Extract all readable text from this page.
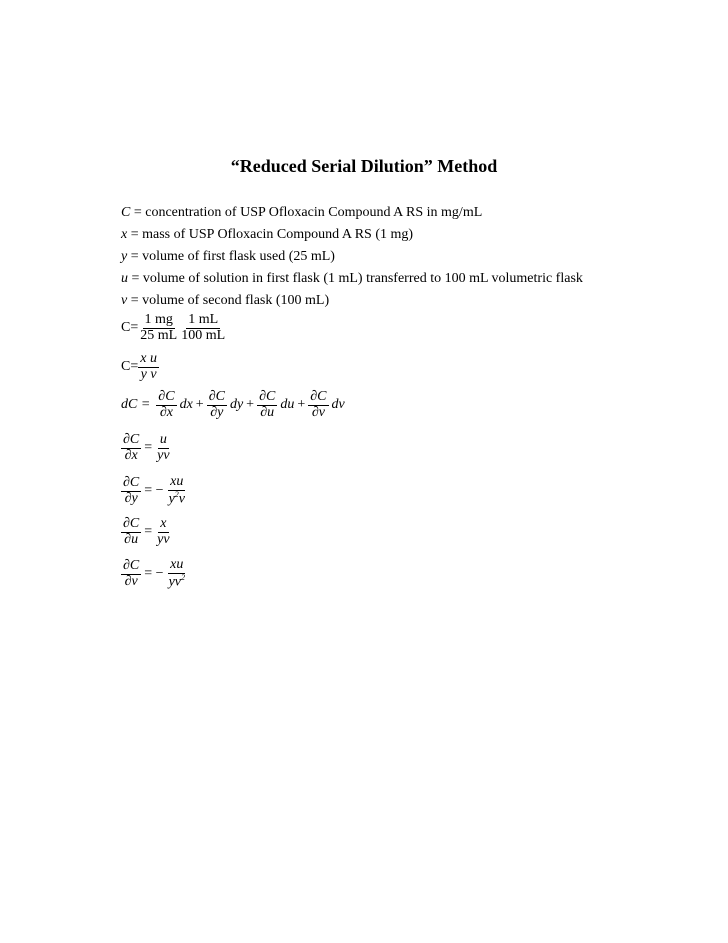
“Reduced Serial Dilution” Method
C = concentration of USP Ofloxacin Compound A RS in mg/mL
x = mass of USP Ofloxacin Compound A RS (1 mg)
y = volume of first flask used (25 mL)
u = volume of solution in first flask (1 mL) transferred to 100 mL volumetric flask
v = volume of second flask (100 mL)
$C= \frac{1 mg}{25 mL} \frac{1 mL}{100 mL}$
$C= \frac{\text{x u}}{\text{y v}}$
dC = $\frac{\partial C}{\partial x}$ dx + $\frac{\partial C}{\partial y}$ dy + $\frac{\partial C}{\partial u}$ du + $\frac{\partial C}{\partial v}$ dv
$\frac{\partial C}{\partial x} = \frac{u}{yv}$
$\frac{\partial C}{\partial y}$ = − $\frac{xu}{y^2v}$
$\frac{\partial C}{\partial u} = \frac{x}{yv}$
$\frac{\partial C}{\partial v}$ = − $\frac{xu}{yv^2}$
